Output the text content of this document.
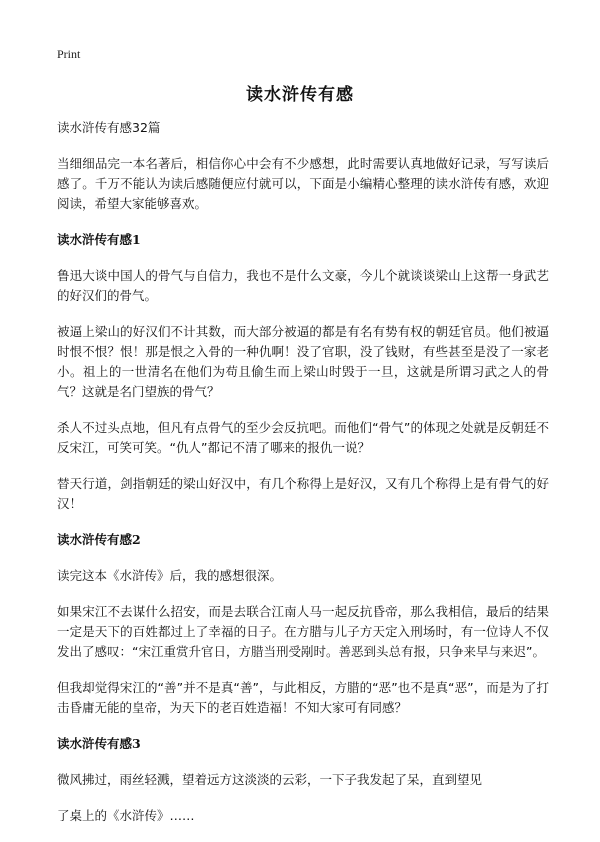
Print
读水浒传有感

读水浒传有感32篇

当细细品完一本名著后，相信你心中会有不少感想，此时需要认真地做好记录，写写读后感了。千万不能认为读后感随便应付就可以，下面是小编精心整理的读水浒传有感，欢迎阅读，希望大家能够喜欢。

读水浒传有感1

鲁迅大谈中国人的骨气与自信力，我也不是什么文豪，今儿个就谈谈梁山上这帮一身武艺的好汉们的骨气。

被逼上梁山的好汉们不计其数，而大部分被逼的都是有名有势有权的朝廷官员。他们被逼时恨不恨？恨！那是恨之入骨的一种仇啊！没了官职，没了钱财，有些甚至是没了一家老小。祖上的一世清名在他们为苟且偷生而上梁山时毁于一旦，这就是所谓习武之人的骨气？这就是名门望族的骨气？

杀人不过头点地，但凡有点骨气的至少会反抗吧。而他们“骨气”的体现之处就是反朝廷不反宋江，可笑可笑。“仇人”都记不清了哪来的报仇一说？

替天行道，剑指朝廷的梁山好汉中，有几个称得上是好汉，又有几个称得上是有骨气的好汉！

读水浒传有感2

读完这本《水浒传》后，我的感想很深。

如果宋江不去谋什么招安，而是去联合江南人马一起反抗昏帝，那么我相信，最后的结果一定是天下的百姓都过上了幸福的日子。在方腊与儿子方天定入刑场时，有一位诗人不仅发出了感叹：“宋江重赏升官日，方腊当刑受剐时。善恶到头总有报，只争来早与来迟”。

但我却觉得宋江的“善”并不是真“善”，与此相反，方腊的“恶”也不是真“恶”，而是为了打击昏庸无能的皇帝，为天下的老百姓造福！不知大家可有同感？

读水浒传有感3

微风拂过，雨丝轻溅，望着远方这淡淡的云彩，一下子我发起了呆，直到望见

了桌上的《水浒传》……
